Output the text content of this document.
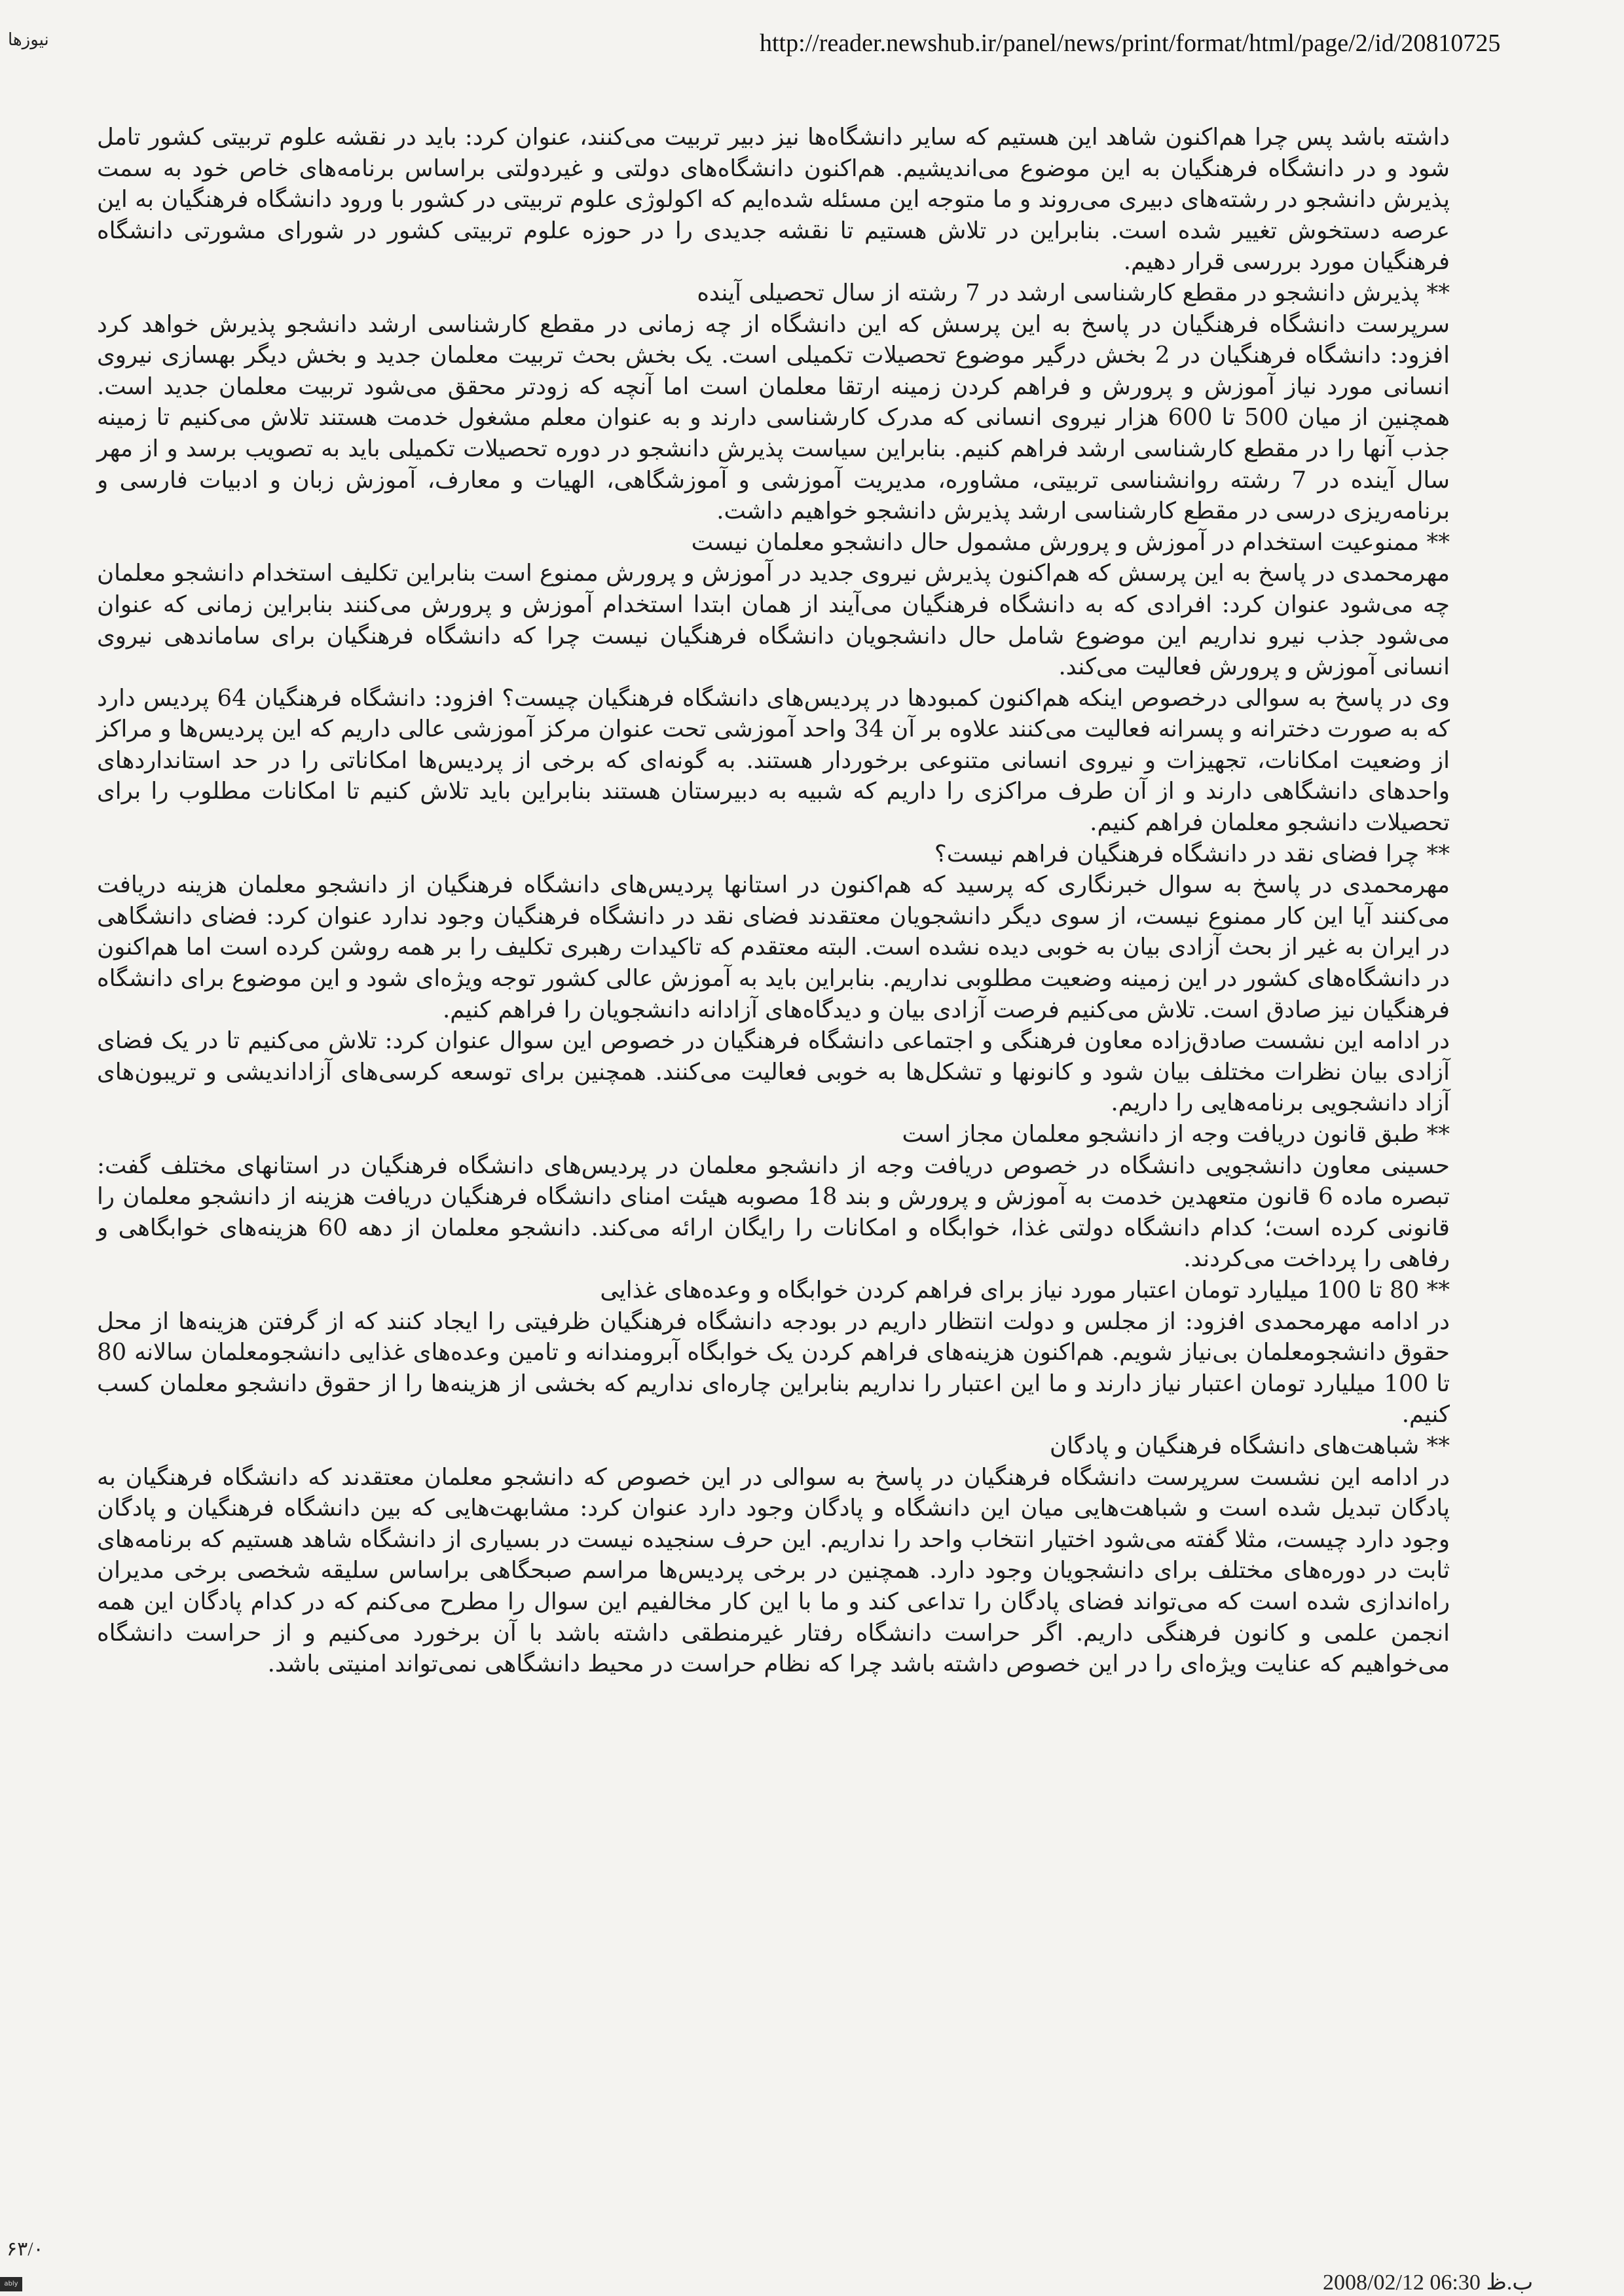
نیوزها	http://reader.newshub.ir/panel/news/print/format/html/page/2/id/20810725

داشته باشد پس چرا هم‌اکنون شاهد این هستیم که سایر دانشگاه‌ها نیز دبیر تربیت می‌کنند، عنوان کرد: باید در نقشه علوم تربیتی کشور تامل شود و در دانشگاه فرهنگیان به این موضوع می‌اندیشیم. هم‌اکنون دانشگاه‌های دولتی و غیردولتی براساس برنامه‌های خاص خود به سمت پذیرش دانشجو در رشته‌های دبیری می‌روند و ما متوجه این مسئله شده‌ایم که اکولوژی علوم تربیتی در کشور با ورود دانشگاه فرهنگیان به این عرصه دستخوش تغییر شده است. بنابراین در تلاش هستیم تا نقشه جدیدی را در حوزه علوم تربیتی کشور در شورای مشورتی دانشگاه فرهنگیان مورد بررسی قرار دهیم.

** پذیرش دانشجو در مقطع کارشناسی ارشد در 7 رشته از سال تحصیلی آینده

سرپرست دانشگاه فرهنگیان در پاسخ به این پرسش که این دانشگاه از چه زمانی در مقطع کارشناسی ارشد دانشجو پذیرش خواهد کرد افزود: دانشگاه فرهنگیان در 2 بخش درگیر موضوع تحصیلات تکمیلی است. یک بخش بحث تربیت معلمان جدید و بخش دیگر بهسازی نیروی انسانی مورد نیاز آموزش و پرورش و فراهم کردن زمینه ارتقا معلمان است اما آنچه که زودتر محقق می‌شود تربیت معلمان جدید است. همچنین از میان 500 تا 600 هزار نیروی انسانی که مدرک کارشناسی دارند و به عنوان معلم مشغول خدمت هستند تلاش می‌کنیم تا زمینه جذب آنها را در مقطع کارشناسی ارشد فراهم کنیم. بنابراین سیاست پذیرش دانشجو در دوره تحصیلات تکمیلی باید به تصویب برسد و از مهر سال آینده در 7 رشته روانشناسی تربیتی، مشاوره، مدیریت آموزشی و آموزشگاهی، الهیات و معارف، آموزش زبان و ادبیات فارسی و برنامه‌ریزی درسی در مقطع کارشناسی ارشد پذیرش دانشجو خواهیم داشت.

** ممنوعیت استخدام در آموزش و پرورش مشمول حال دانشجو معلمان نیست

مهرمحمدی در پاسخ به این پرسش که هم‌اکنون پذیرش نیروی جدید در آموزش و پرورش ممنوع است بنابراین تکلیف استخدام دانشجو معلمان چه می‌شود عنوان کرد: افرادی که به دانشگاه فرهنگیان می‌آیند از همان ابتدا استخدام آموزش و پرورش می‌کنند بنابراین زمانی که عنوان می‌شود جذب نیرو نداریم این موضوع شامل حال دانشجویان دانشگاه فرهنگیان نیست چرا که دانشگاه فرهنگیان برای ساماندهی نیروی انسانی آموزش و پرورش فعالیت می‌کند.

وی در پاسخ به سوالی درخصوص اینکه هم‌اکنون کمبودها در پردیس‌های دانشگاه فرهنگیان چیست؟ افزود: دانشگاه فرهنگیان 64 پردیس دارد که به صورت دخترانه و پسرانه فعالیت می‌کنند علاوه بر آن 34 واحد آموزشی تحت عنوان مرکز آموزشی عالی داریم که این پردیس‌ها و مراکز از وضعیت امکانات، تجهیزات و نیروی انسانی متنوعی برخوردار هستند. به گونه‌ای که برخی از پردیس‌ها امکاناتی را در حد استانداردهای واحدهای دانشگاهی دارند و از آن طرف مراکزی را داریم که شبیه به دبیرستان هستند بنابراین باید تلاش کنیم تا امکانات مطلوب را برای تحصیلات دانشجو معلمان فراهم کنیم.

** چرا فضای نقد در دانشگاه فرهنگیان فراهم نیست؟

مهرمحمدی در پاسخ به سوال خبرنگاری که پرسید که هم‌اکنون در استانها پردیس‌های دانشگاه فرهنگیان از دانشجو معلمان هزینه دریافت می‌کنند آیا این کار ممنوع نیست، از سوی دیگر دانشجویان معتقدند فضای نقد در دانشگاه فرهنگیان وجود ندارد عنوان کرد: فضای دانشگاهی در ایران به غیر از بحث آزادی بیان به خوبی دیده نشده است. البته معتقدم که تاکیدات رهبری تکلیف را بر همه روشن کرده است اما هم‌اکنون در دانشگاه‌های کشور در این زمینه وضعیت مطلوبی نداریم. بنابراین باید به آموزش عالی کشور توجه ویژه‌ای شود و این موضوع برای دانشگاه فرهنگیان نیز صادق است. تلاش می‌کنیم فرصت آزادی بیان و دیدگاه‌های آزادانه دانشجویان را فراهم کنیم.

در ادامه این نشست صادق‌زاده معاون فرهنگی و اجتماعی دانشگاه فرهنگیان در خصوص این سوال عنوان کرد: تلاش می‌کنیم تا در یک فضای آزادی بیان نظرات مختلف بیان شود و کانونها و تشکل‌ها به خوبی فعالیت می‌کنند. همچنین برای توسعه کرسی‌های آزاداندیشی و تریبون‌های آزاد دانشجویی برنامه‌هایی را داریم.

** طبق قانون دریافت وجه از دانشجو معلمان مجاز است

حسینی معاون دانشجویی دانشگاه در خصوص دریافت وجه از دانشجو معلمان در پردیس‌های دانشگاه فرهنگیان در استانهای مختلف گفت: تبصره ماده 6 قانون متعهدین خدمت به آموزش و پرورش و بند 18 مصوبه هیئت امنای دانشگاه فرهنگیان دریافت هزینه از دانشجو معلمان را قانونی کرده است؛ کدام دانشگاه دولتی غذا، خوابگاه و امکانات را رایگان ارائه می‌کند. دانشجو معلمان از دهه 60 هزینه‌های خوابگاهی و رفاهی را پرداخت می‌کردند.

** 80 تا 100 میلیارد تومان اعتبار مورد نیاز برای فراهم کردن خوابگاه و وعده‌های غذایی

در ادامه مهرمحمدی افزود: از مجلس و دولت انتظار داریم در بودجه دانشگاه فرهنگیان ظرفیتی را ایجاد کنند که از گرفتن هزینه‌ها از محل حقوق دانشجومعلمان بی‌نیاز شویم. هم‌اکنون هزینه‌های فراهم کردن یک خوابگاه آبرومندانه و تامین وعده‌های غذایی دانشجومعلمان سالانه 80 تا 100 میلیارد تومان اعتبار نیاز دارند و ما این اعتبار را نداریم بنابراین چاره‌ای نداریم که بخشی از هزینه‌ها را از حقوق دانشجو معلمان کسب کنیم.

** شباهت‌های دانشگاه فرهنگیان و پادگان

در ادامه این نشست سرپرست دانشگاه فرهنگیان در پاسخ به سوالی در این خصوص که دانشجو معلمان معتقدند که دانشگاه فرهنگیان به پادگان تبدیل شده است و شباهت‌هایی میان این دانشگاه و پادگان وجود دارد عنوان کرد: مشابهت‌هایی که بین دانشگاه فرهنگیان و پادگان وجود دارد چیست، مثلا گفته می‌شود اختیار انتخاب واحد را نداریم. این حرف سنجیده نیست در بسیاری از دانشگاه شاهد هستیم که برنامه‌های ثابت در دوره‌های مختلف برای دانشجویان وجود دارد. همچنین در برخی پردیس‌ها مراسم صبحگاهی براساس سلیقه شخصی برخی مدیران راه‌اندازی شده است که می‌تواند فضای پادگان را تداعی کند و ما با این کار مخالفیم این سوال را مطرح می‌کنم که در کدام پادگان این همه انجمن علمی و کانون فرهنگی داریم. اگر حراست دانشگاه رفتار غیرمنطقی داشته باشد با آن برخورد می‌کنیم و از حراست دانشگاه می‌خواهیم که عنایت ویژه‌ای را در این خصوص داشته باشد چرا که نظام حراست در محیط دانشگاهی نمی‌تواند امنیتی باشد.

۶۳/۰
2008/02/12 06:30 ب.ظ
ably
